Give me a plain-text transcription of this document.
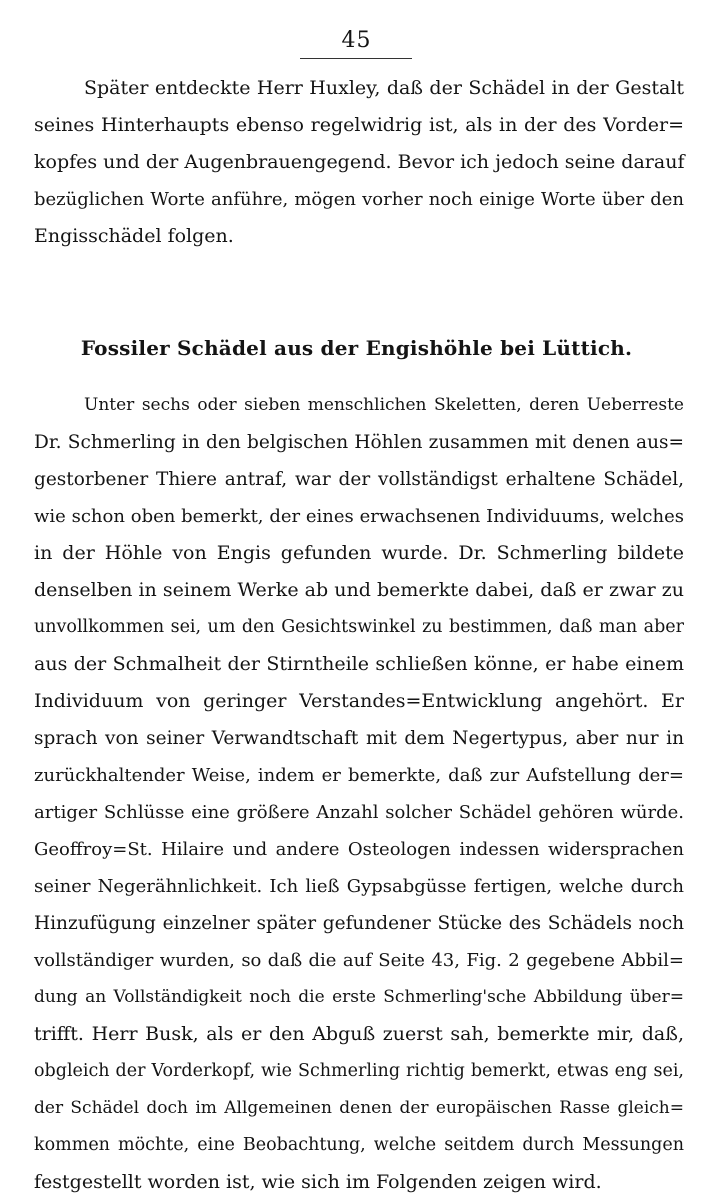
45
Später entdeckte Herr Huxley, daß der Schädel in der Gestalt
seines Hinterhaupts ebenso regelwidrig ist, als in der des Vorder=
kopfes und der Augenbrauengegend. Bevor ich jedoch seine darauf
bezüglichen Worte anführe, mögen vorher noch einige Worte über den
Engisschädel folgen.
Fossiler Schädel aus der Engishöhle bei Lüttich.
Unter sechs oder sieben menschlichen Skeletten, deren Ueberreste
Dr. Schmerling in den belgischen Höhlen zusammen mit denen aus=
gestorbener Thiere antraf, war der vollständigst erhaltene Schädel,
wie schon oben bemerkt, der eines erwachsenen Individuums, welches
in der Höhle von Engis gefunden wurde. Dr. Schmerling bildete
denselben in seinem Werke ab und bemerkte dabei, daß er zwar zu
unvollkommen sei, um den Gesichtswinkel zu bestimmen, daß man aber
aus der Schmalheit der Stirntheile schließen könne, er habe einem
Individuum von geringer Verstandes=Entwicklung angehört. Er
sprach von seiner Verwandtschaft mit dem Negertypus, aber nur in
zurückhaltender Weise, indem er bemerkte, daß zur Aufstellung der=
artiger Schlüsse eine größere Anzahl solcher Schädel gehören würde.
Geoffroy=St. Hilaire und andere Osteologen indessen widersprachen
seiner Negerähnlichkeit. Ich ließ Gypsabgüsse fertigen, welche durch
Hinzufügung einzelner später gefundener Stücke des Schädels noch
vollständiger wurden, so daß die auf Seite 43, Fig. 2 gegebene Abbil=
dung an Vollständigkeit noch die erste Schmerling'sche Abbildung über=
trifft. Herr Busk, als er den Abguß zuerst sah, bemerkte mir, daß,
obgleich der Vorderkopf, wie Schmerling richtig bemerkt, etwas eng sei,
der Schädel doch im Allgemeinen denen der europäischen Rasse gleich=
kommen möchte, eine Beobachtung, welche seitdem durch Messungen
festgestellt worden ist, wie sich im Folgenden zeigen wird.
